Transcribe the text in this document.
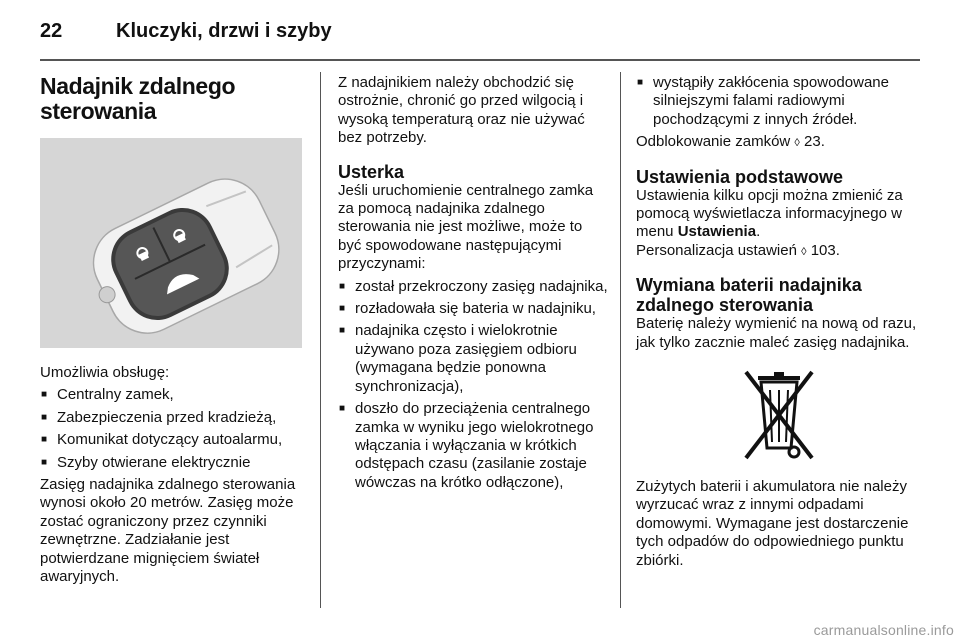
22	Kluczyki, drzwi i szyby
Nadajnik zdalnego sterowania

Umożliwia obsługę:

■ Centralny zamek,
■ Zabezpieczenia przed kradzieżą,
■ Komunikat dotyczący autoalarmu,
■ Szyby otwierane elektrycznie

Zasięg nadajnika zdalnego sterowania wynosi około 20 metrów. Zasięg może zostać ograniczony przez czynniki zewnętrzne. Zadziałanie jest potwierdzane mignięciem świateł awaryjnych.

Z nadajnikiem należy obchodzić się ostrożnie, chronić go przed wilgocią i wysoką temperaturą oraz nie używać bez potrzeby.

Usterka

Jeśli uruchomienie centralnego zamka za pomocą nadajnika zdalnego sterowania nie jest możliwe, może to być spowodowane następującymi przyczynami:

■ został przekroczony zasięg nadajnika,
■ rozładowała się bateria w nadajniku,
■ nadajnika często i wielokrotnie używano poza zasięgiem odbioru (wymagana będzie ponowna synchronizacja),
■ doszło do przeciążenia centralnego zamka w wyniku jego wielokrotnego włączania i wyłączania w krótkich odstępach czasu (zasilanie zostaje wówczas na krótko odłączone),
■ wystąpiły zakłócenia spowodowane silniejszymi falami radiowymi pochodzącymi z innych źródeł.

Odblokowanie zamków ◊ 23.

Ustawienia podstawowe

Ustawienia kilku opcji można zmienić za pomocą wyświetlacza informacyjnego w menu Ustawienia.

Personalizacja ustawień ◊ 103.

Wymiana baterii nadajnika zdalnego sterowania

Baterię należy wymienić na nową od razu, jak tylko zacznie maleć zasięg nadajnika.

Zużytych baterii i akumulatora nie należy wyrzucać wraz z innymi odpadami domowymi. Wymagane jest dostarczenie tych odpadów do odpowiedniego punktu zbiórki.

carmanualsonline.info
